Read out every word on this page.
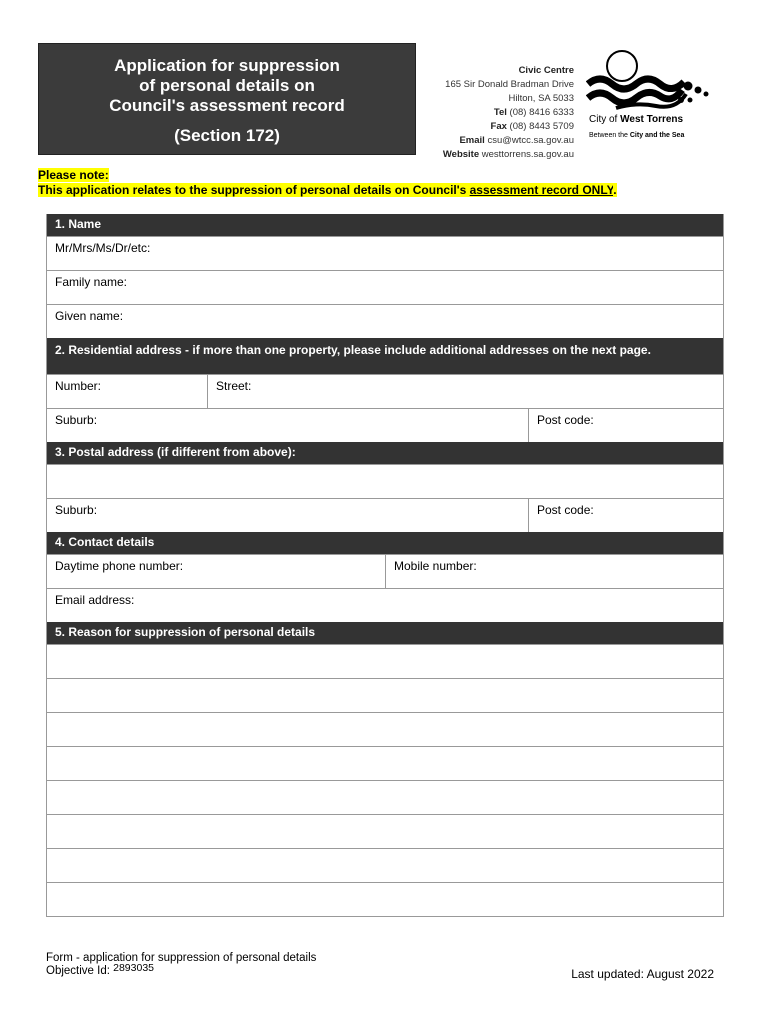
Application for suppression
of personal details on
Council's assessment record
(Section 172)
Civic Centre
165 Sir Donald Bradman Drive
Hilton, SA 5033
Tel (08) 8416 6333
Fax (08) 8443 5709
Email csu@wtcc.sa.gov.au
Website westtorrens.sa.gov.au
City of West Torrens
Between the City and the Sea
Please note:
This application relates to the suppression of personal details on Council's assessment record ONLY.
1. Name
Mr/Mrs/Ms/Dr/etc:
Family name:
Given name:
2. Residential address - if more than one property, please include additional addresses on the next page.
Number:	Street:
Suburb:	Post code:
3. Postal address (if different from above):
Suburb:	Post code:
4. Contact details
Daytime phone number:	Mobile number:
Email address:
5. Reason for suppression of personal details
Form - application for suppression of personal details
Objective Id: 2893035	Last updated: August 2022
